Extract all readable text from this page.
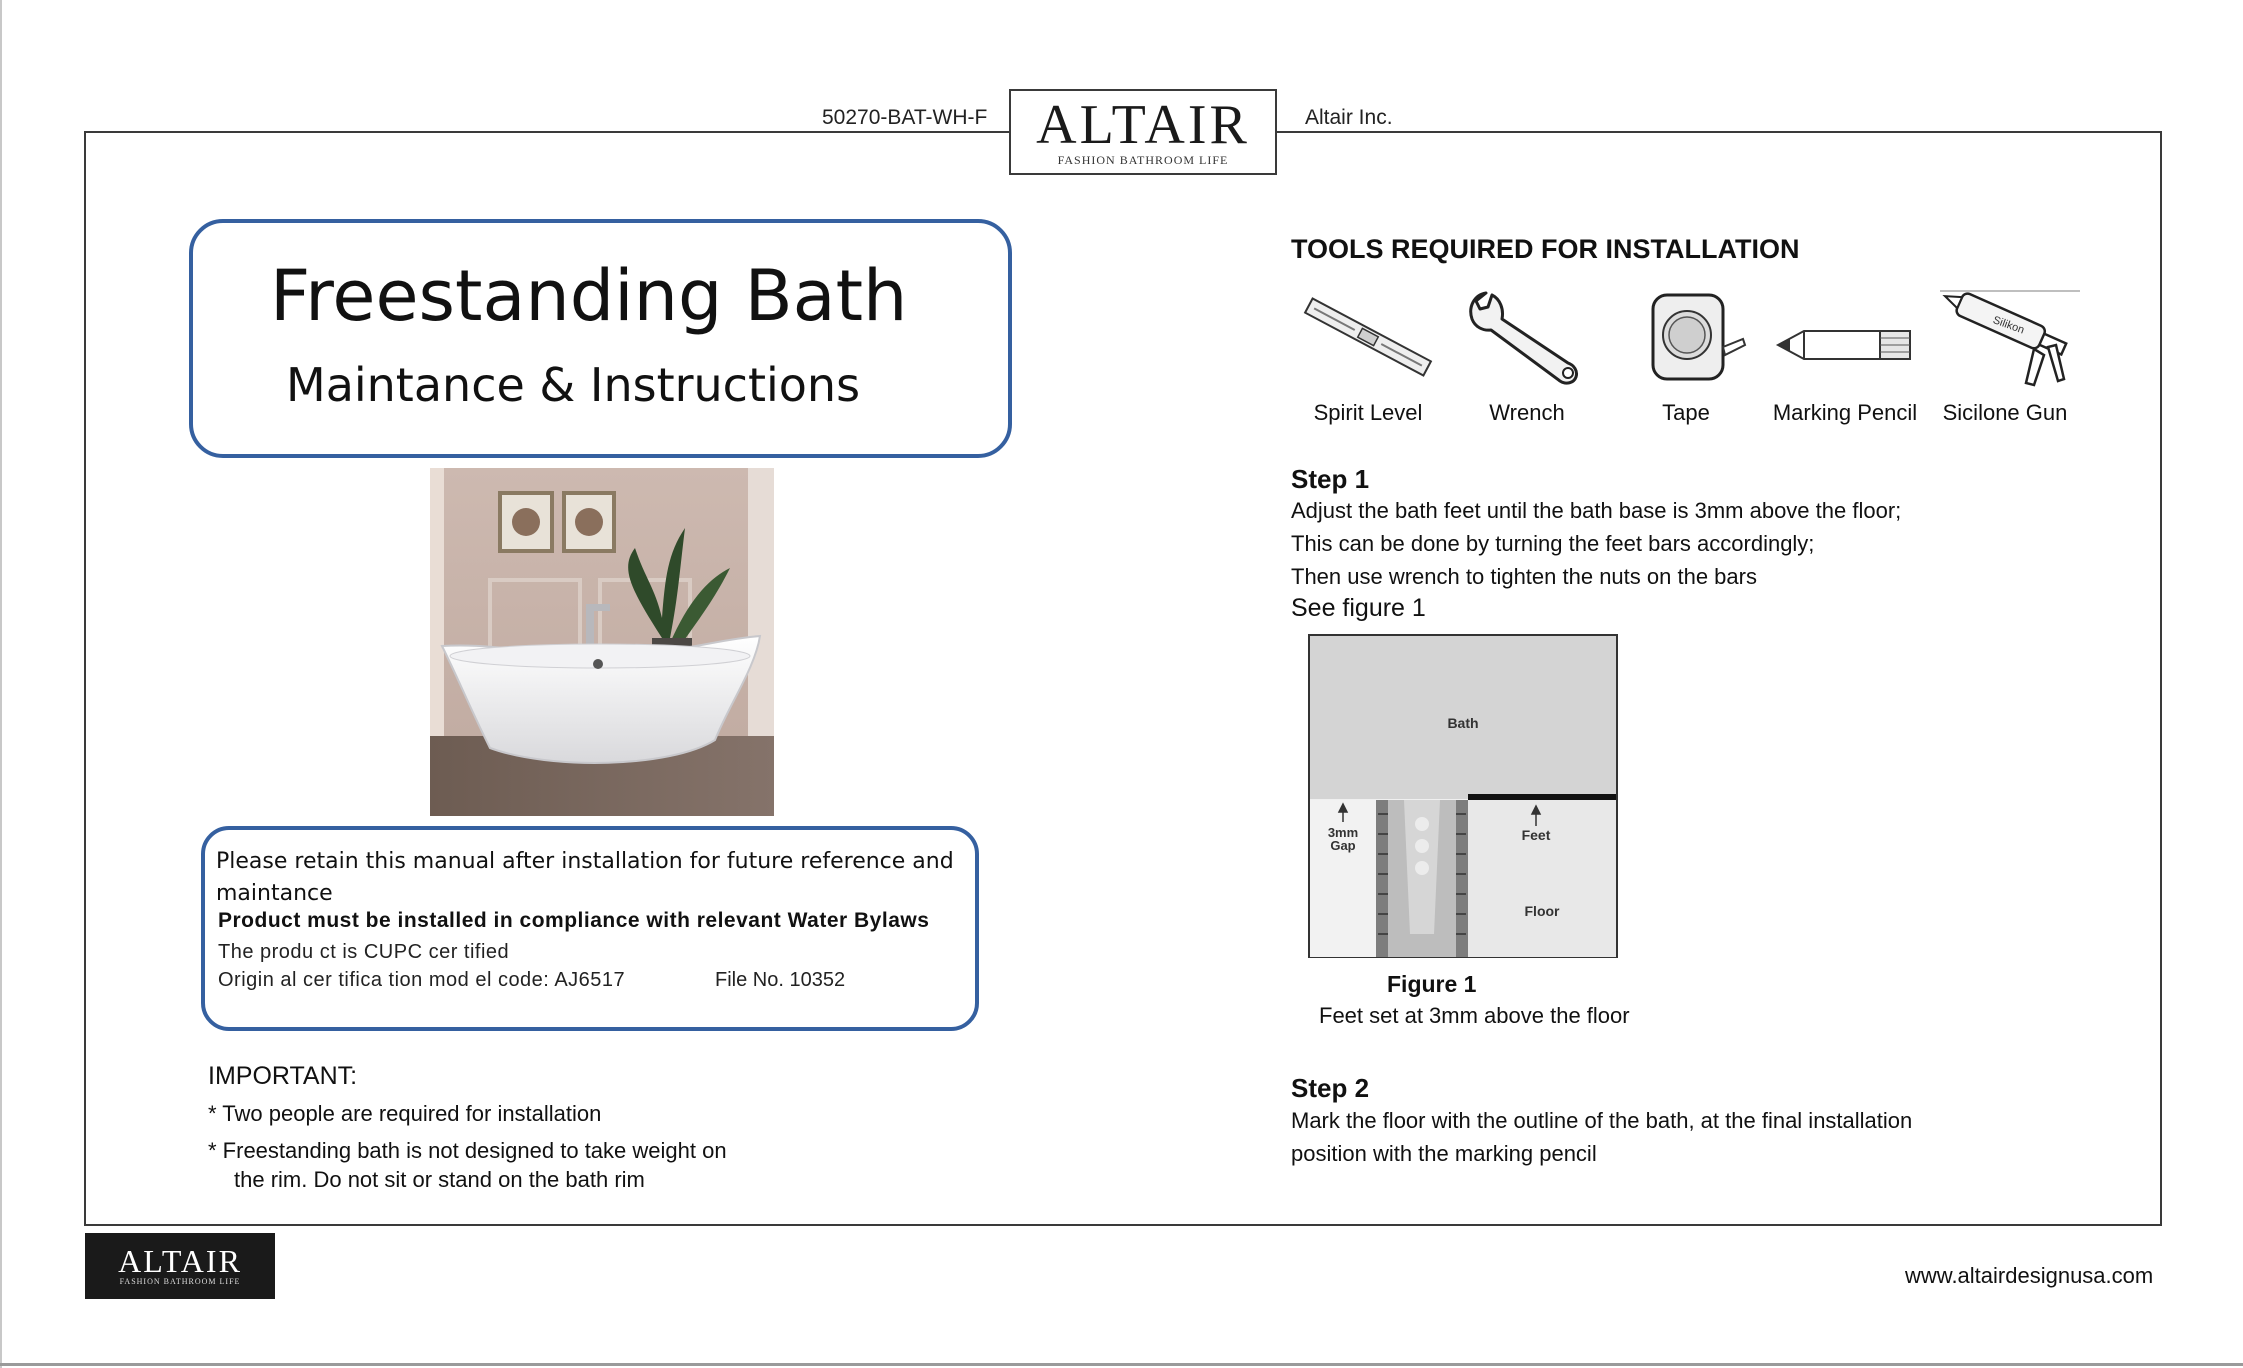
50270-BAT-WH-F ALTAIR
FASHION BATHROOM LIFE
Altair Inc.
Freestanding Bath
Maintance & Instructions
Please retain this manual after installation for future reference and maintance
Product must be installed in compliance with relevant Water Bylaws
The produ ct is CUPC cer tified
Origin al cer tifica tion mod el code: AJ6517	File No. 10352
IMPORTANT:
* Two people are required for installation
* Freestanding bath is not designed to take weight on
the rim. Do not sit or stand on the bath rim
TOOLS REQUIRED FOR INSTALLATION
Spirit Level	Wrench	Tape	Marking Pencil
Silikon
Sicilone Gun
Step 1
Adjust the bath feet until the bath base is 3mm above the floor;
This can be done by turning the feet bars accordingly;
Then use wrench to tighten the nuts on the bars
See figure 1
Bath
3mm
Gap
Feet
Floor
Figure 1
Feet set at 3mm above the floor
Step 2
Mark the floor with the outline of the bath, at the final installation
position with the marking pencil
ALTAIR
FASHION BATHROOM LIFE	www.altairdesignusa.com
